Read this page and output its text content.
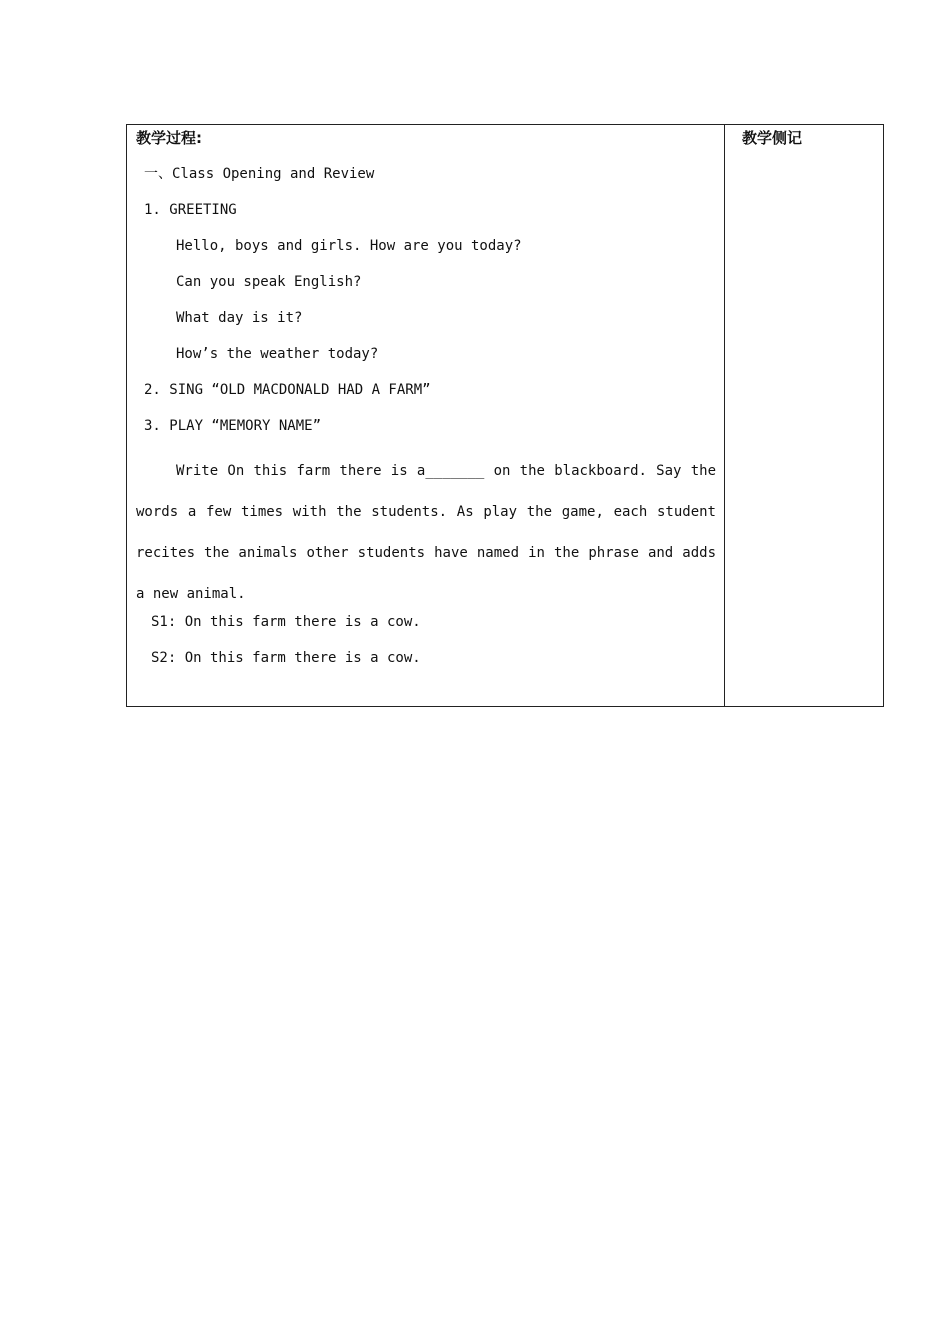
教学过程:
一、Class Opening and Review
1. GREETING
Hello, boys and girls. How are you today?
Can you speak English?
What day is it?
How’s the weather today?
2. SING “OLD MACDONALD HAD A FARM”
3. PLAY “MEMORY NAME”
Write On this farm there is a_______ on the blackboard. Say the words a few times with the students. As play the game, each student recites the animals other students have named in the phrase and adds a new animal.
S1: On this farm there is a cow.
S2: On this farm there is a cow.
教学侧记
